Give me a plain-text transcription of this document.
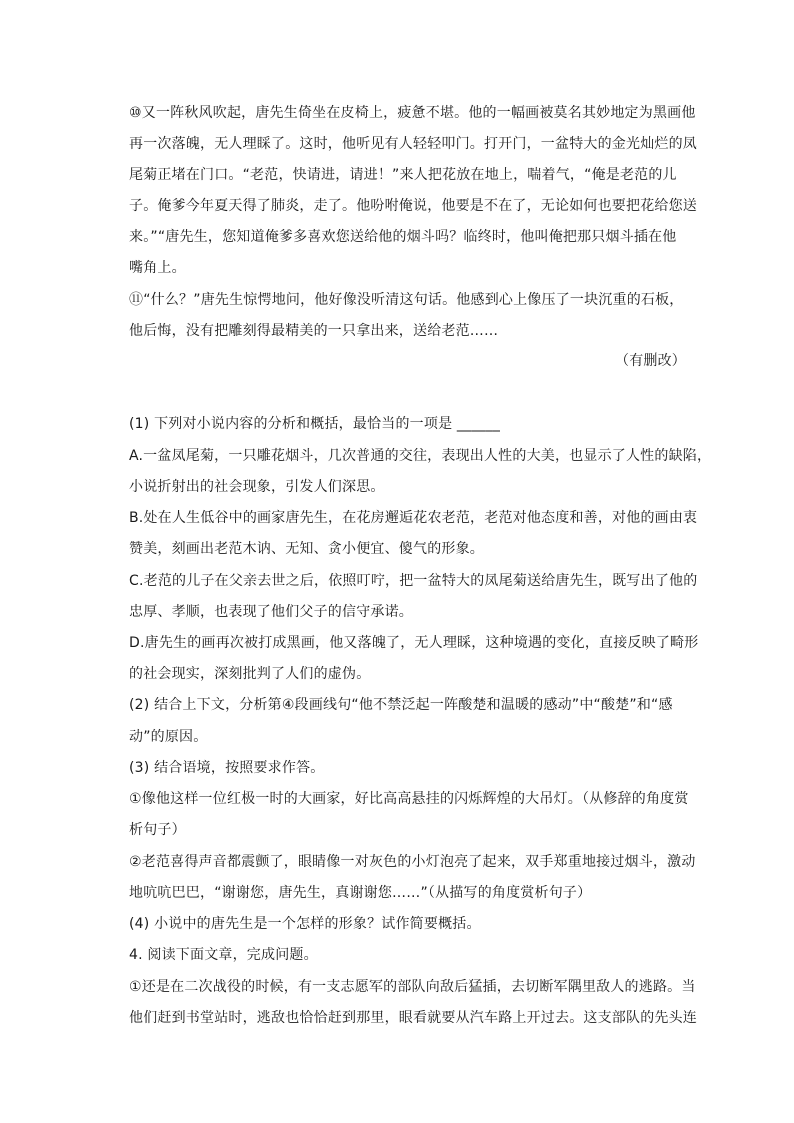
⑩又一阵秋风吹起，唐先生倚坐在皮椅上，疲惫不堪。他的一幅画被莫名其妙地定为黑画他
再一次落魄，无人理睬了。这时，他听见有人轻轻叩门。打开门，一盆特大的金光灿烂的凤
尾菊正堵在门口。“老范，快请进，请进！”来人把花放在地上，喘着气，“俺是老范的儿
子。俺爹今年夏天得了肺炎，走了。他吩咐俺说，他要是不在了，无论如何也要把花给您送
来。”“唐先生，您知道俺爹多喜欢您送给他的烟斗吗？临终时，他叫俺把那只烟斗插在他
嘴角上。
⑪“什么？”唐先生惊愕地问，他好像没听清这句话。他感到心上像压了一块沉重的石板，
他后悔，没有把雕刻得最精美的一只拿出来，送给老范……
（有删改）
(1) 下列对小说内容的分析和概括，最恰当的一项是 ______
A.一盆凤尾菊，一只雕花烟斗，几次普通的交往，表现出人性的大美，也显示了人性的缺陷，
小说折射出的社会现象，引发人们深思。
B.处在人生低谷中的画家唐先生，在花房邂逅花农老范，老范对他态度和善，对他的画由衷
赞美，刻画出老范木讷、无知、贪小便宜、傻气的形象。
C.老范的儿子在父亲去世之后，依照叮咛，把一盆特大的凤尾菊送给唐先生，既写出了他的
忠厚、孝顺，也表现了他们父子的信守承诺。
D.唐先生的画再次被打成黑画，他又落魄了，无人理睬，这种境遇的变化，直接反映了畸形
的社会现实，深刻批判了人们的虚伪。
(2) 结合上下文，分析第④段画线句“他不禁泛起一阵酸楚和温暖的感动”中“酸楚”和“感
动”的原因。
(3) 结合语境，按照要求作答。
①像他这样一位红极一时的大画家，好比高高悬挂的闪烁辉煌的大吊灯。（从修辞的角度赏
析句子）
②老范喜得声音都震颤了，眼睛像一对灰色的小灯泡亮了起来，双手郑重地接过烟斗，激动
地吭吭巴巴，“谢谢您，唐先生，真谢谢您……”（从描写的角度赏析句子）
(4) 小说中的唐先生是一个怎样的形象？试作简要概括。
4. 阅读下面文章，完成问题。
①还是在二次战役的时候，有一支志愿军的部队向敌后猛插，去切断军隅里敌人的逃路。当
他们赶到书堂站时，逃敌也恰恰赶到那里，眼看就要从汽车路上开过去。这支部队的先头连
